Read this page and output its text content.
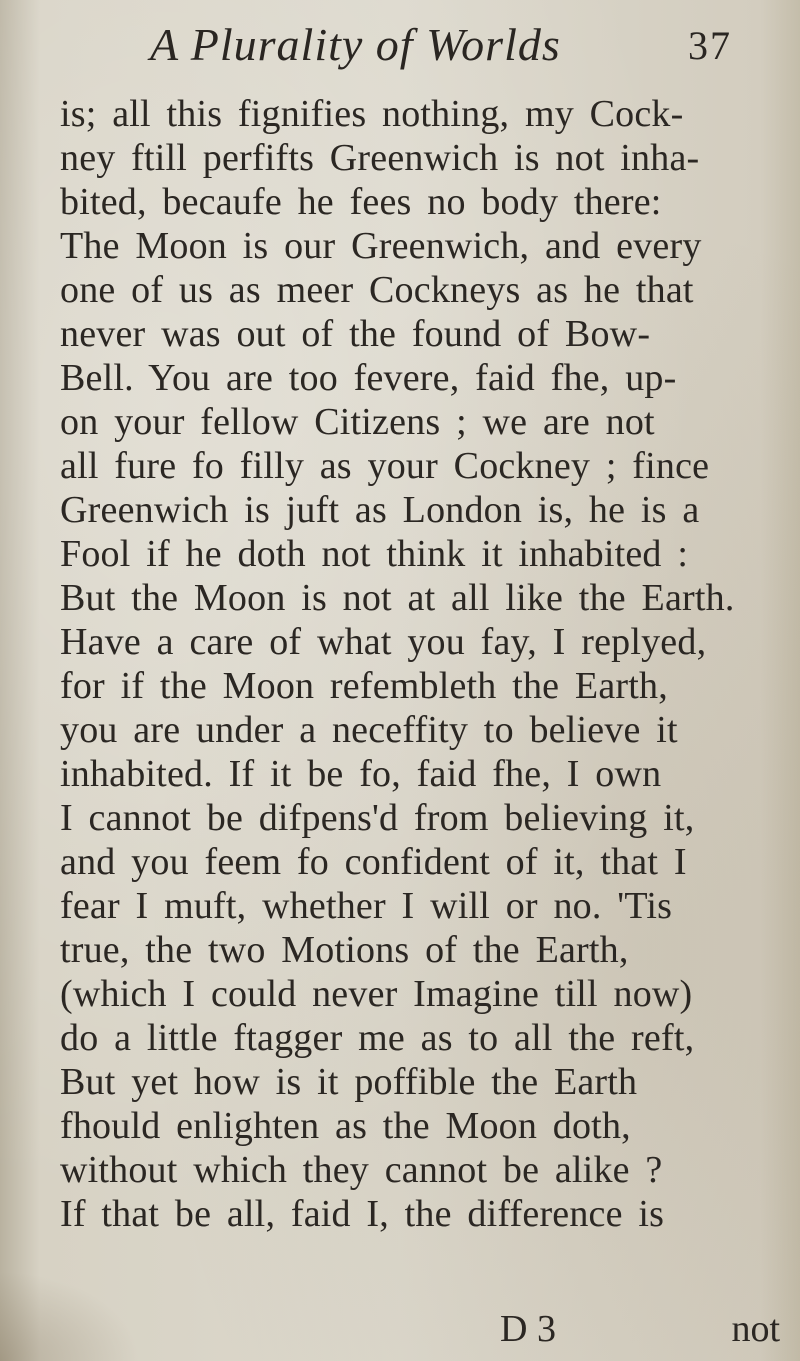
A Plurality of Worlds	37
is; all this fignifies nothing, my Cock-
ney ftill perfifts Greenwich is not inha-
bited, becaufe he fees no body there:
The Moon is our Greenwich, and every
one of us as meer Cockneys as he that
never was out of the found of Bow-
Bell. You are too fevere, faid fhe, up-
on your fellow Citizens ; we are not
all fure fo filly as your Cockney ; fince
Greenwich is juft as London is, he is a
Fool if he doth not think it inhabited :
But the Moon is not at all like the Earth.
Have a care of what you fay, I replyed,
for if the Moon refembleth the Earth,
you are under a neceffity to believe it
inhabited. If it be fo, faid fhe, I own
I cannot be difpens'd from believing it,
and you feem fo confident of it, that I
fear I muft, whether I will or no. 'Tis
true, the two Motions of the Earth,
(which I could never Imagine till now)
do a little ftagger me as to all the reft,
But yet how is it poffible the Earth
fhould enlighten as the Moon doth,
without which they cannot be alike ?
If that be all, faid I, the difference is
D 3	not
